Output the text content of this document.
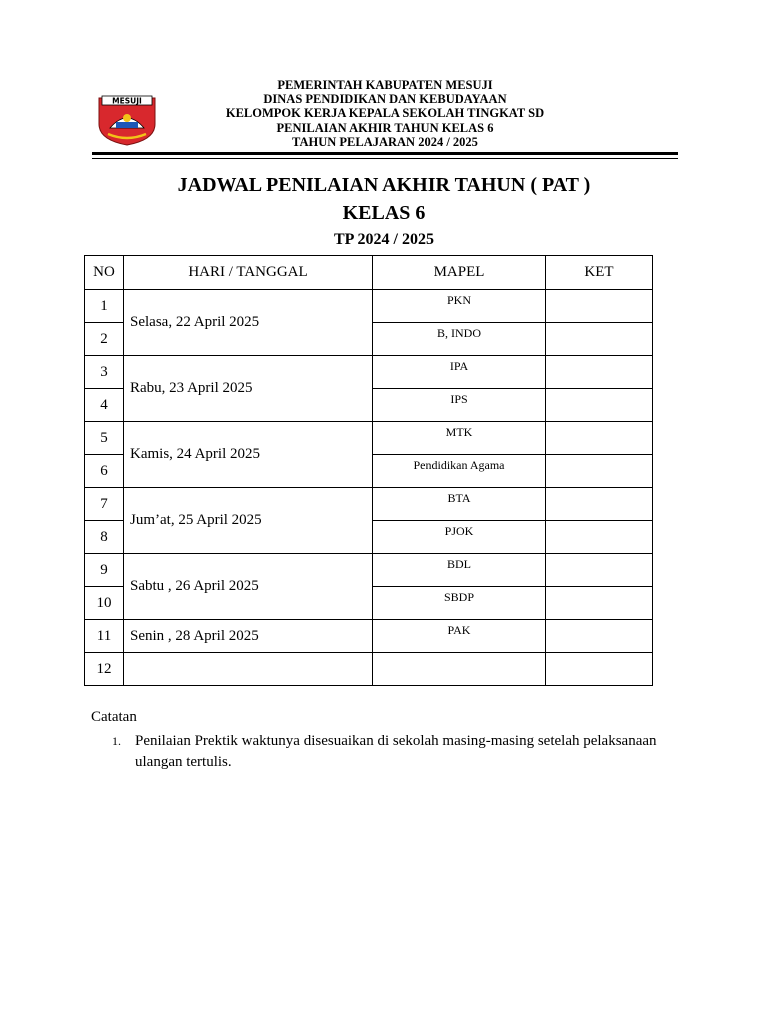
MESUJI
PEMERINTAH KABUPATEN MESUJI
DINAS PENDIDIKAN DAN KEBUDAYAAN
KELOMPOK KERJA KEPALA SEKOLAH TINGKAT SD
PENILAIAN AKHIR TAHUN KELAS 6
TAHUN PELAJARAN 2024 / 2025
JADWAL PENILAIAN AKHIR TAHUN ( PAT )
KELAS 6
TP 2024 / 2025
NO	HARI / TANGGAL	MAPEL	KET
1	Selasa, 22 April 2025	PKN	
2		B, INDO	
3	Rabu, 23 April 2025	IPA	
4		IPS	
5	Kamis, 24 April 2025	MTK	
6		Pendidikan Agama	
7	Jum’at, 25 April 2025	BTA	
8		PJOK	
9	Sabtu , 26 April 2025	BDL	
10		SBDP	
11	Senin , 28 April 2025	PAK	
12			
Catatan
1. Penilaian Prektik waktunya disesuaikan di sekolah masing-masing setelah pelaksanaan ulangan tertulis.
